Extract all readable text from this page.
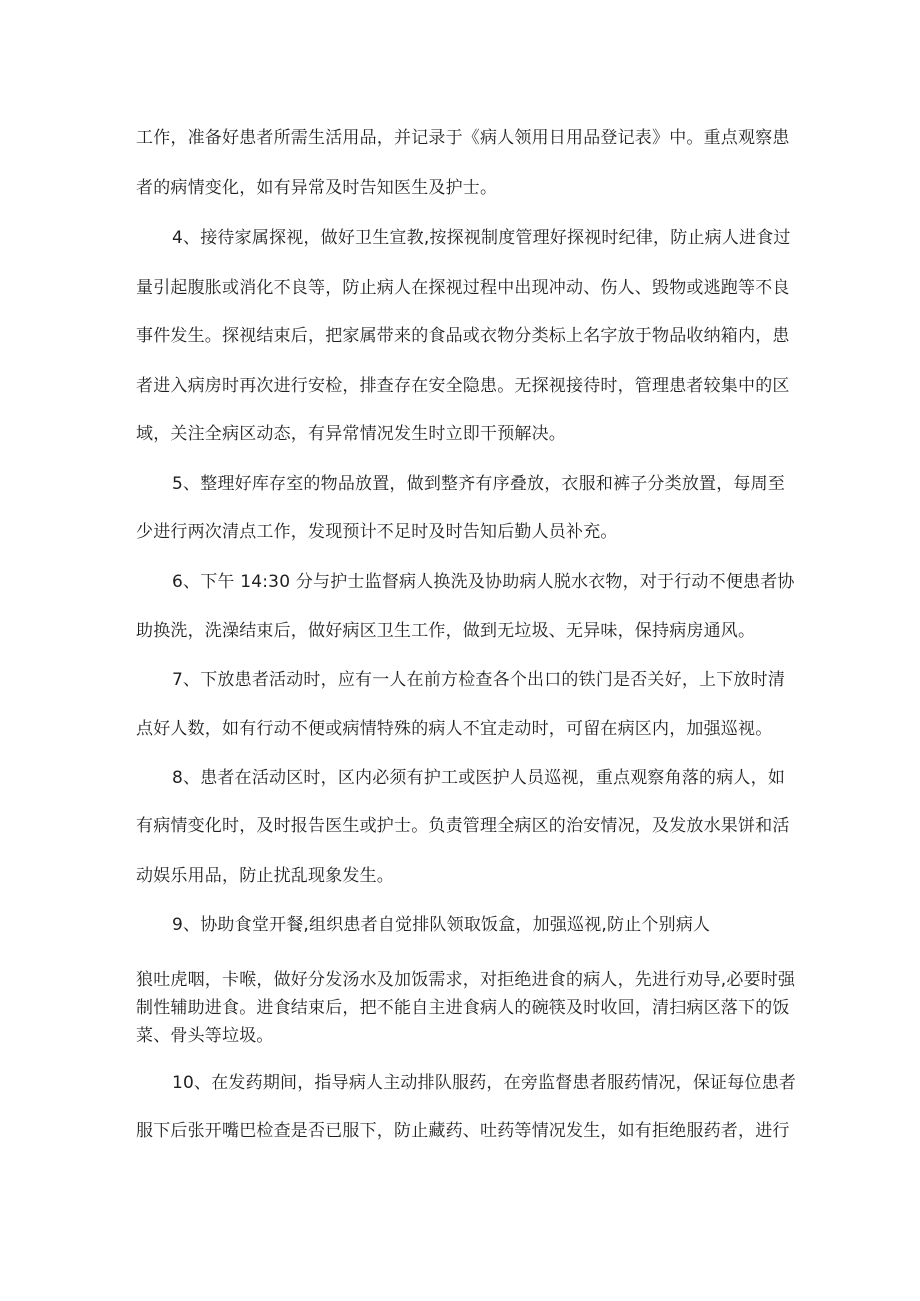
工作，准备好患者所需生活用品，并记录于《病人领用日用品登记表》中。重点观察患
者的病情变化，如有异常及时告知医生及护士。
4、接待家属探视，做好卫生宣教,按探视制度管理好探视时纪律，防止病人进食过
量引起腹胀或消化不良等，防止病人在探视过程中出现冲动、伤人、毁物或逃跑等不良
事件发生。探视结束后，把家属带来的食品或衣物分类标上名字放于物品收纳箱内，患
者进入病房时再次进行安检，排查存在安全隐患。无探视接待时，管理患者较集中的区
域，关注全病区动态，有异常情况发生时立即干预解决。
5、整理好库存室的物品放置，做到整齐有序叠放，衣服和裤子分类放置，每周至
少进行两次清点工作，发现预计不足时及时告知后勤人员补充。
6、下午 14:30 分与护士监督病人换洗及协助病人脱水衣物，对于行动不便患者协
助换洗，洗澡结束后，做好病区卫生工作，做到无垃圾、无异味，保持病房通风。
7、下放患者活动时，应有一人在前方检查各个出口的铁门是否关好，上下放时清
点好人数，如有行动不便或病情特殊的病人不宜走动时，可留在病区内，加强巡视。
8、患者在活动区时，区内必须有护工或医护人员巡视，重点观察角落的病人，如
有病情变化时，及时报告医生或护士。负责管理全病区的治安情况，及发放水果饼和活
动娱乐用品，防止扰乱现象发生。
9、协助食堂开餐,组织患者自觉排队领取饭盒，加强巡视,防止个别病人
狼吐虎咽，卡喉，做好分发汤水及加饭需求，对拒绝进食的病人，先进行劝导,必要时强
制性辅助进食。进食结束后，把不能自主进食病人的碗筷及时收回，清扫病区落下的饭
菜、骨头等垃圾。
10、在发药期间，指导病人主动排队服药，在旁监督患者服药情况，保证每位患者
服下后张开嘴巴检查是否已服下，防止藏药、吐药等情况发生，如有拒绝服药者，进行
